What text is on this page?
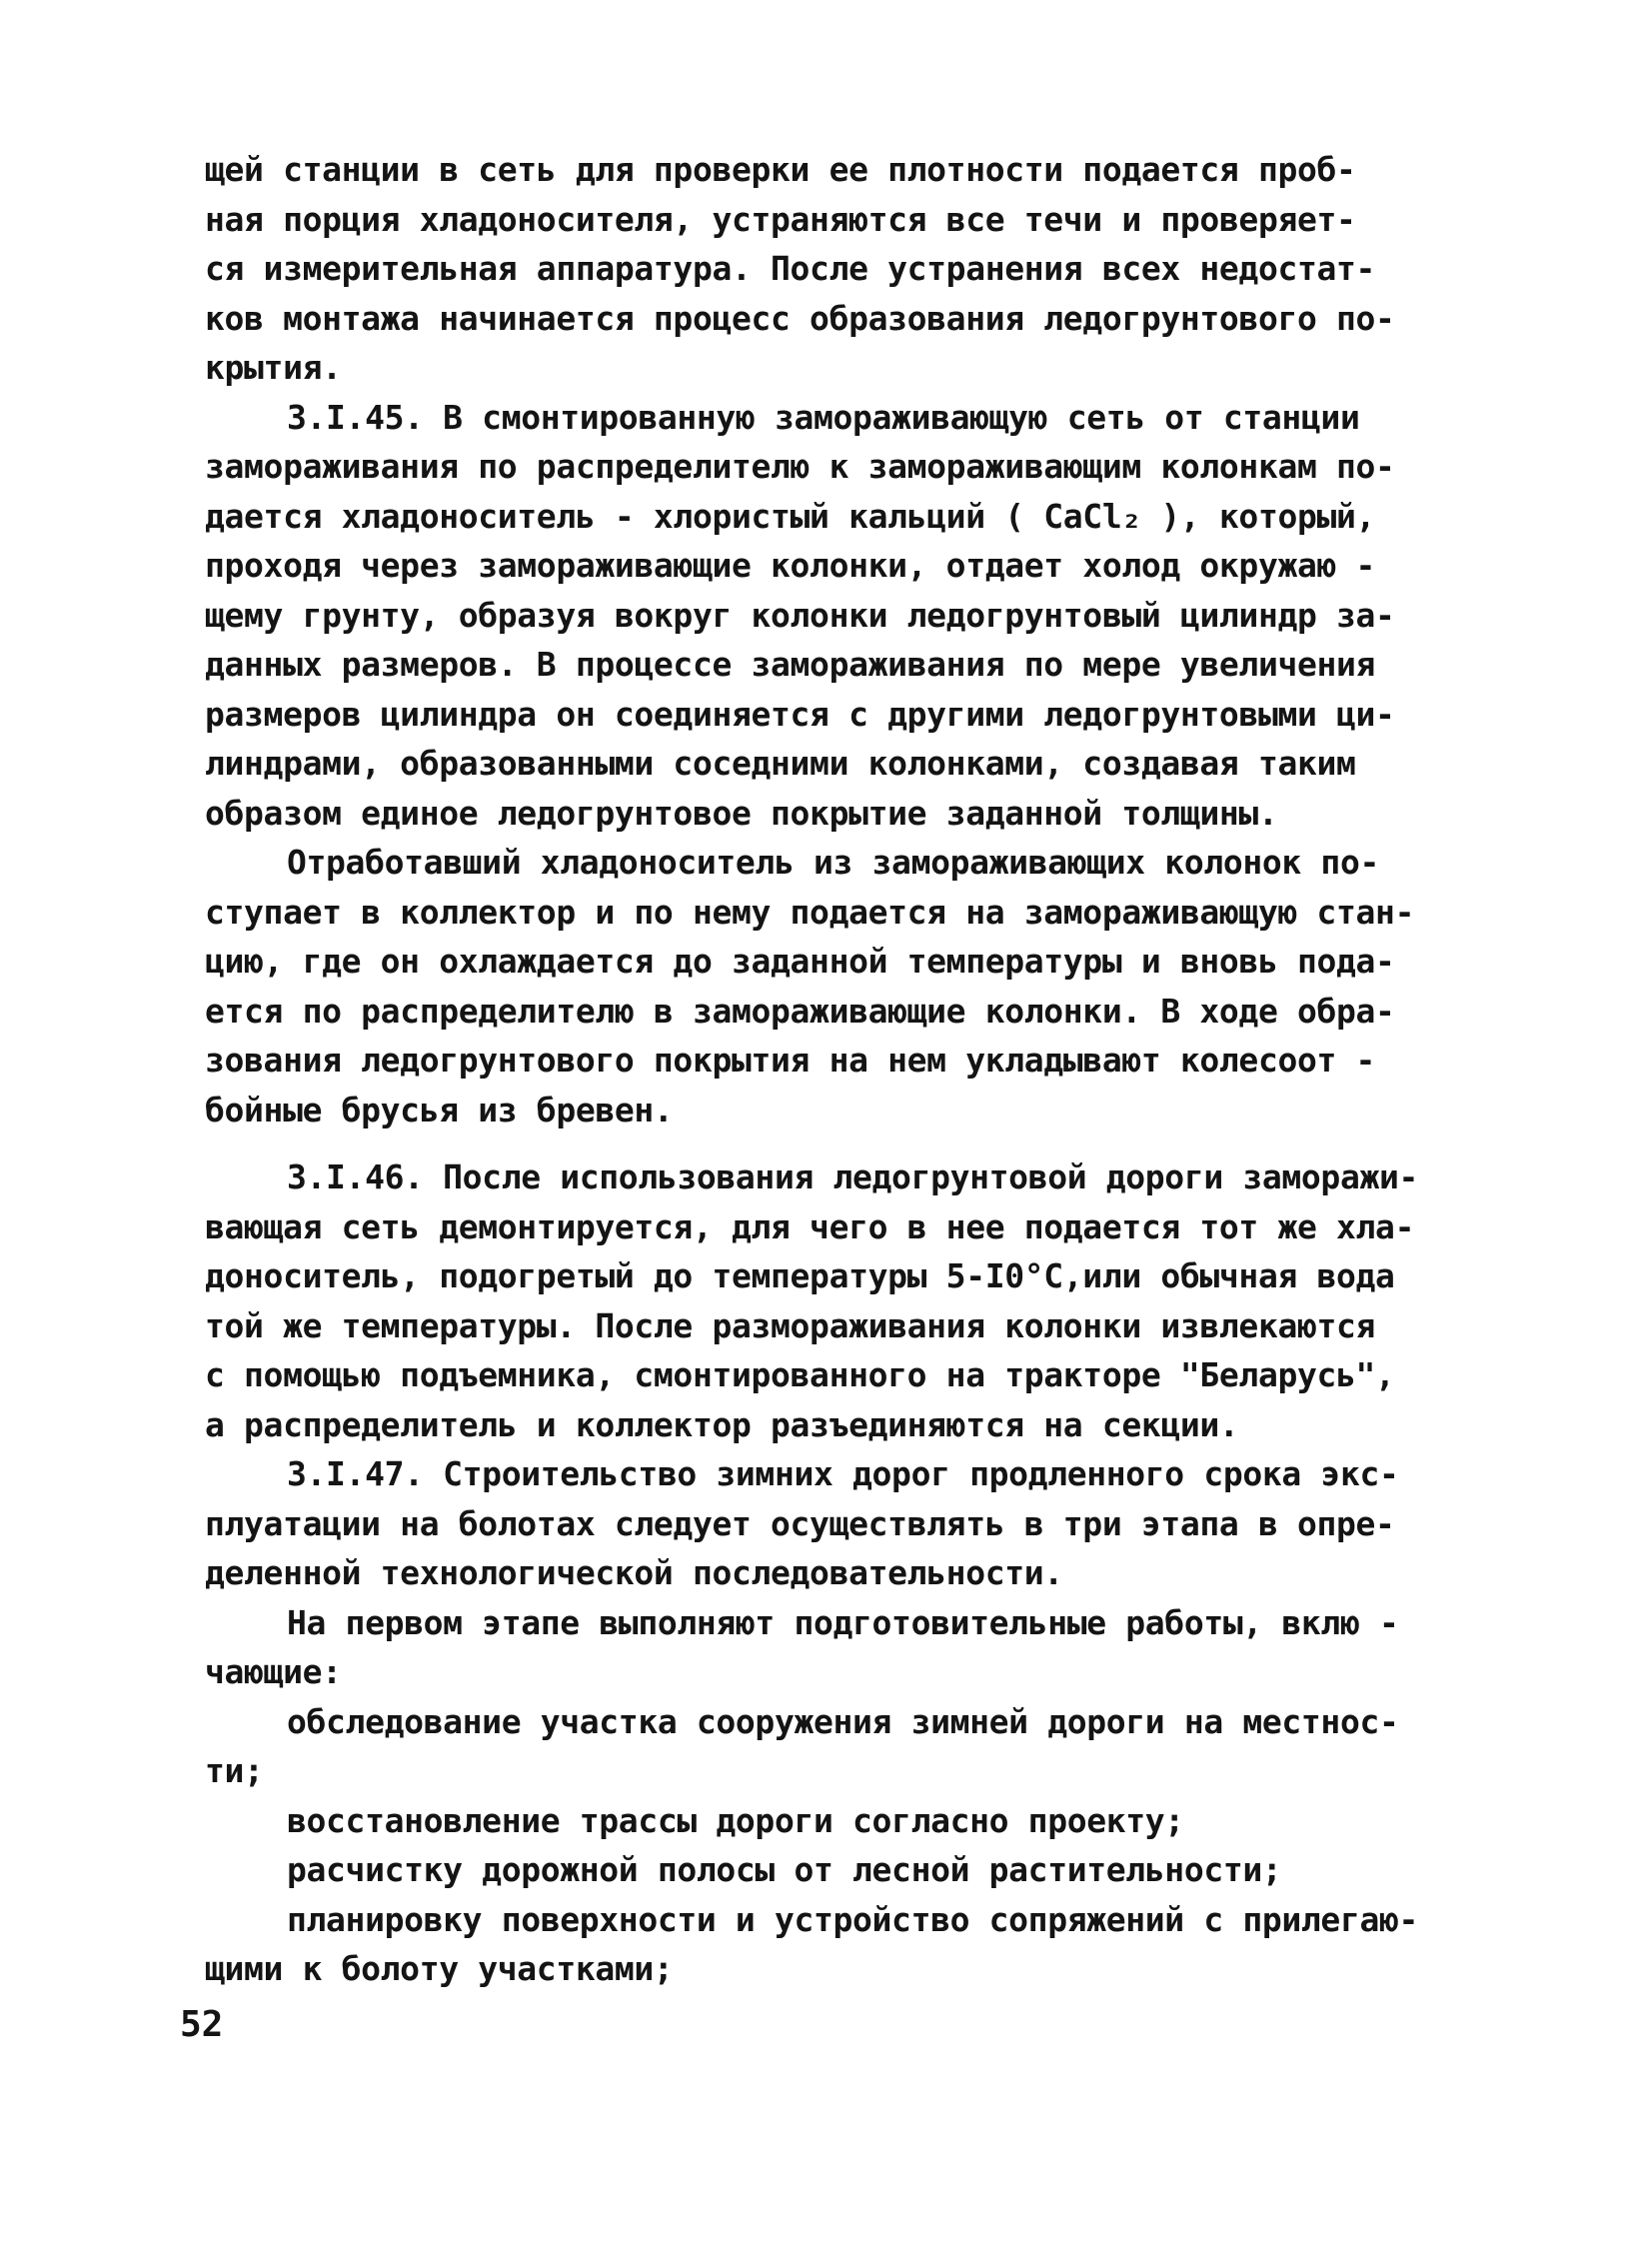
щей станции в сеть для проверки ее плотности подается проб-
ная порция хладоносителя, устраняются все течи и проверяет-
ся измерительная аппаратура. После устранения всех недостат-
ков монтажа начинается процесс образования ледогрунтового по-
крытия.
3.I.45. В смонтированную замораживающую сеть от станции
замораживания по распределителю к замораживающим колонкам по-
дается хладоноситель - хлористый кальций ( CaCl₂ ), который,
проходя через замораживающие колонки, отдает холод окружаю -
щему грунту, образуя вокруг колонки ледогрунтовый цилиндр за-
данных размеров. В процессе замораживания по мере увеличения
размеров цилиндра он соединяется с другими ледогрунтовыми ци-
линдрами, образованными соседними колонками, создавая таким
образом единое ледогрунтовое покрытие заданной толщины.
Отработавший хладоноситель из замораживающих колонок по-
ступает в коллектор и по нему подается на замораживающую стан-
цию, где он охлаждается до заданной температуры и вновь пода-
ется по распределителю в замораживающие колонки. В ходе обра-
зования ледогрунтового покрытия на нем укладывают колесоот -
бойные брусья из бревен.
3.I.46. После использования ледогрунтовой дороги заморажи-
вающая сеть демонтируется, для чего в нее подается тот же хла-
доноситель, подогретый до температуры 5-I0°C,или обычная вода
той же температуры. После размораживания колонки извлекаются
с помощью подъемника, смонтированного на тракторе "Беларусь",
а распределитель и коллектор разъединяются на секции.
3.I.47. Строительство зимних дорог продленного срока экс-
плуатации на болотах следует осуществлять в три этапа в опре-
деленной технологической последовательности.
На первом этапе выполняют подготовительные работы, вклю -
чающие:
обследование участка сооружения зимней дороги на местнос-
ти;
восстановление трассы дороги согласно проекту;
расчистку дорожной полосы от лесной растительности;
планировку поверхности и устройство сопряжений с прилегаю-
щими к болоту участками;
52
